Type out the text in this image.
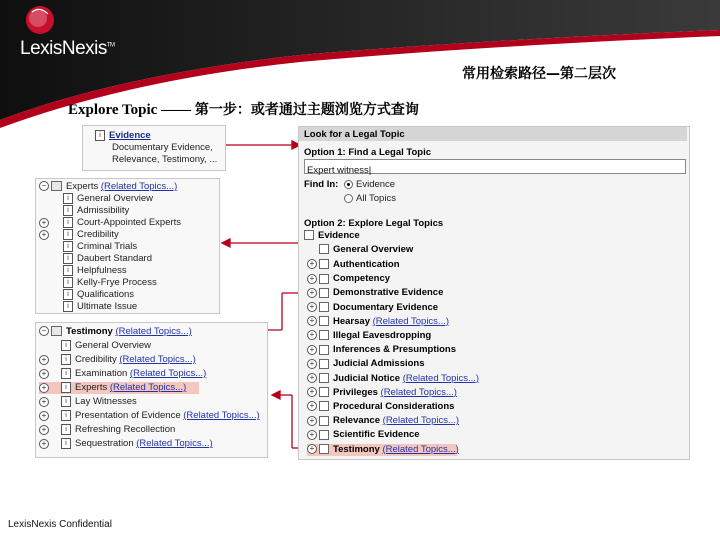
LexisNexis™
常用检索路径—第二层次
Explore Topic —— 第一步：或者通过主题浏览方式查询
i Evidence
Documentary Evidence,
Relevance, Testimony, ...
− Experts (Related Topics...)
i General Overview
i Admissibility
+	i Court-Appointed Experts
+	i Credibility
i Criminal Trials
i Daubert Standard
i Helpfulness
i Kelly-Frye Process
i Qualifications
i Ultimate Issue
− Testimony (Related Topics...)
i General Overview
+	i Credibility (Related Topics...)
+	i Examination (Related Topics...)
+	i Experts (Related Topics...)
+	i Lay Witnesses
+	i Presentation of Evidence (Related Topics...)
+	i Refreshing Recollection
+	i Sequestration (Related Topics...)
Look for a Legal Topic
Option 1: Find a Legal Topic
Expert witness|
Find In:	Evidence
All Topics
Option 2: Explore Legal Topics
Evidence
General Overview
+ Authentication
+ Competency
+ Demonstrative Evidence
+ Documentary Evidence
+ Hearsay (Related Topics...)
+ Illegal Eavesdropping
+ Inferences & Presumptions
+ Judicial Admissions
+ Judicial Notice (Related Topics...)
+ Privileges (Related Topics...)
+ Procedural Considerations
+ Relevance (Related Topics...)
+ Scientific Evidence
+ Testimony (Related Topics...)
LexisNexis Confidential
